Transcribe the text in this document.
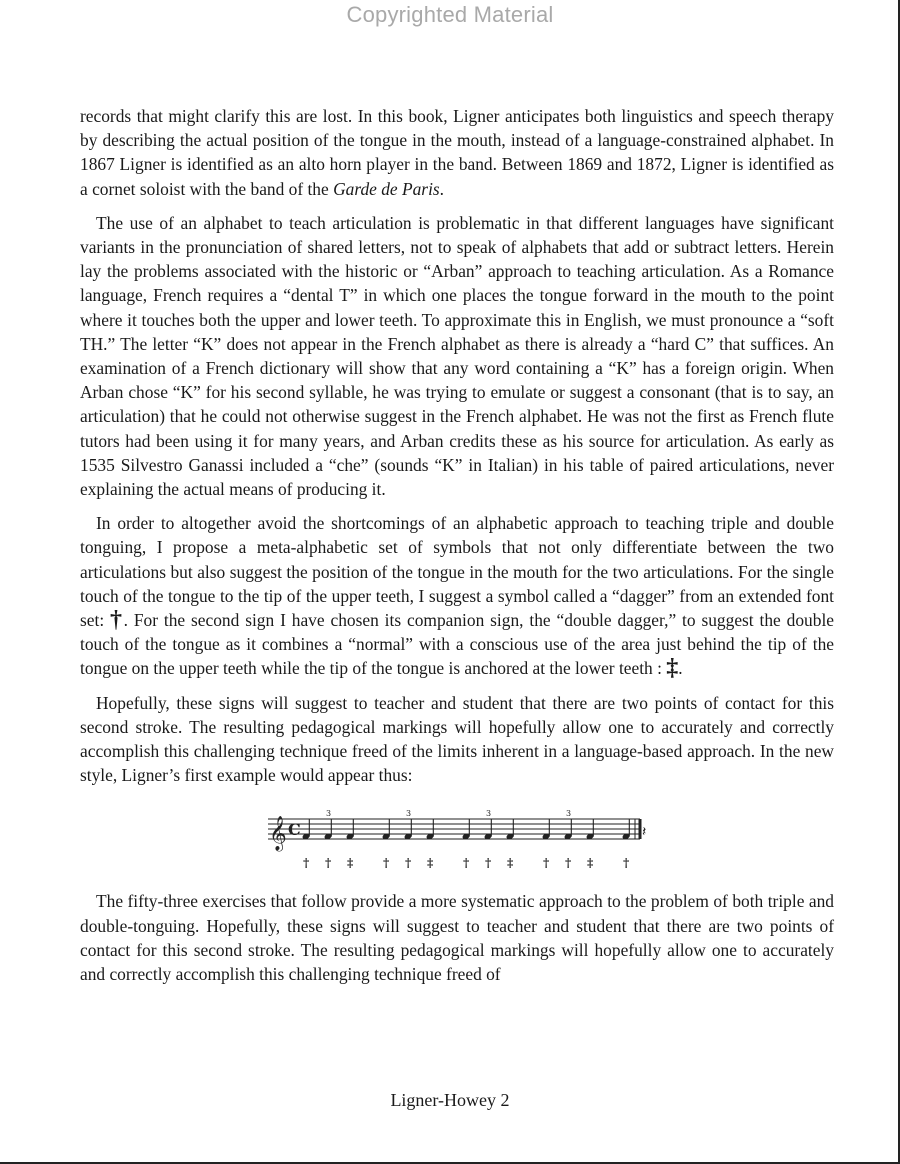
Copyrighted Material

records that might clarify this are lost. In this book, Ligner anticipates both linguistics and speech therapy by describing the actual position of the tongue in the mouth, instead of a language-constrained alphabet. In 1867 Ligner is identified as an alto horn player in the band. Between 1869 and 1872, Ligner is identified as a cornet soloist with the band of the Garde de Paris.

The use of an alphabet to teach articulation is problematic in that different languages have significant variants in the pronunciation of shared letters, not to speak of alphabets that add or subtract letters. Herein lay the problems associated with the historic or “Arban” approach to teaching articulation. As a Romance language, French requires a “dental T” in which one places the tongue forward in the mouth to the point where it touches both the upper and lower teeth. To approximate this in English, we must pronounce a “soft TH.” The letter “K” does not appear in the French alphabet as there is already a “hard C” that suffices. An examination of a French dictionary will show that any word containing a “K” has a foreign origin. When Arban chose “K” for his second syllable, he was trying to emulate or suggest a consonant (that is to say, an articulation) that he could not otherwise suggest in the French alphabet. He was not the first as French flute tutors had been using it for many years, and Arban credits these as his source for articulation. As early as 1535 Silvestro Ganassi included a “che” (sounds “K” in Italian) in his table of paired articulations, never explaining the actual means of producing it.

In order to altogether avoid the shortcomings of an alphabetic approach to teaching triple and double tonguing, I propose a meta-alphabetic set of symbols that not only differentiate between the two articulations but also suggest the position of the tongue in the mouth for the two articulations. For the single touch of the tongue to the tip of the upper teeth, I suggest a symbol called a “dagger” from an extended font set: †. For the second sign I have chosen its companion sign, the “double dagger,” to suggest the double touch of the tongue as it combines a “normal” with a conscious use of the area just behind the tip of the tongue on the upper teeth while the tip of the tongue is anchored at the lower teeth : ‡.

Hopefully, these signs will suggest to teacher and student that there are two points of contact for this second stroke. The resulting pedagogical markings will hopefully allow one to accurately and correctly accomplish this challenging technique freed of the limits inherent in a language-based approach. In the new style, Ligner’s first example would appear thus:

𝄞 C
3	3	3	3
𝄽
† † ‡ † † ‡ † † ‡ † † ‡ †

The fifty-three exercises that follow provide a more systematic approach to the problem of both triple and double-tonguing. Hopefully, these signs will suggest to teacher and student that there are two points of contact for this second stroke. The resulting pedagogical markings will hopefully allow one to accurately and correctly accomplish this challenging technique freed of

Ligner-Howey 2
